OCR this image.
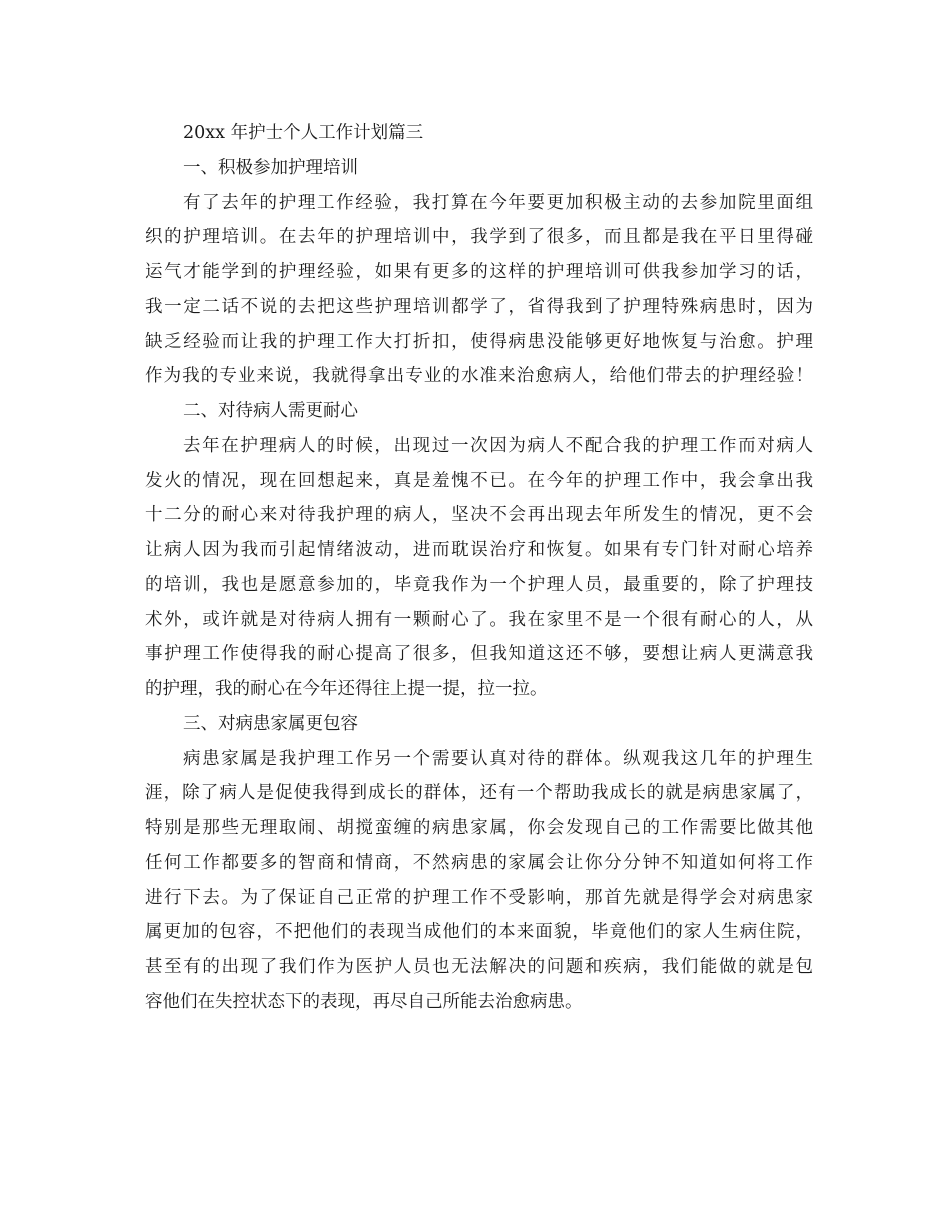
20xx 年护士个人工作计划篇三
一、积极参加护理培训
有了去年的护理工作经验，我打算在今年要更加积极主动的去参加院里面组
织的护理培训。在去年的护理培训中，我学到了很多，而且都是我在平日里得碰
运气才能学到的护理经验，如果有更多的这样的护理培训可供我参加学习的话，
我一定二话不说的去把这些护理培训都学了，省得我到了护理特殊病患时，因为
缺乏经验而让我的护理工作大打折扣，使得病患没能够更好地恢复与治愈。护理
作为我的专业来说，我就得拿出专业的水准来治愈病人，给他们带去的护理经验！
二、对待病人需更耐心
去年在护理病人的时候，出现过一次因为病人不配合我的护理工作而对病人
发火的情况，现在回想起来，真是羞愧不已。在今年的护理工作中，我会拿出我
十二分的耐心来对待我护理的病人，坚决不会再出现去年所发生的情况，更不会
让病人因为我而引起情绪波动，进而耽误治疗和恢复。如果有专门针对耐心培养
的培训，我也是愿意参加的，毕竟我作为一个护理人员，最重要的，除了护理技
术外，或许就是对待病人拥有一颗耐心了。我在家里不是一个很有耐心的人，从
事护理工作使得我的耐心提高了很多，但我知道这还不够，要想让病人更满意我
的护理，我的耐心在今年还得往上提一提，拉一拉。
三、对病患家属更包容
病患家属是我护理工作另一个需要认真对待的群体。纵观我这几年的护理生
涯，除了病人是促使我得到成长的群体，还有一个帮助我成长的就是病患家属了，
特别是那些无理取闹、胡搅蛮缠的病患家属，你会发现自己的工作需要比做其他
任何工作都要多的智商和情商，不然病患的家属会让你分分钟不知道如何将工作
进行下去。为了保证自己正常的护理工作不受影响，那首先就是得学会对病患家
属更加的包容，不把他们的表现当成他们的本来面貌，毕竟他们的家人生病住院，
甚至有的出现了我们作为医护人员也无法解决的问题和疾病，我们能做的就是包
容他们在失控状态下的表现，再尽自己所能去治愈病患。
